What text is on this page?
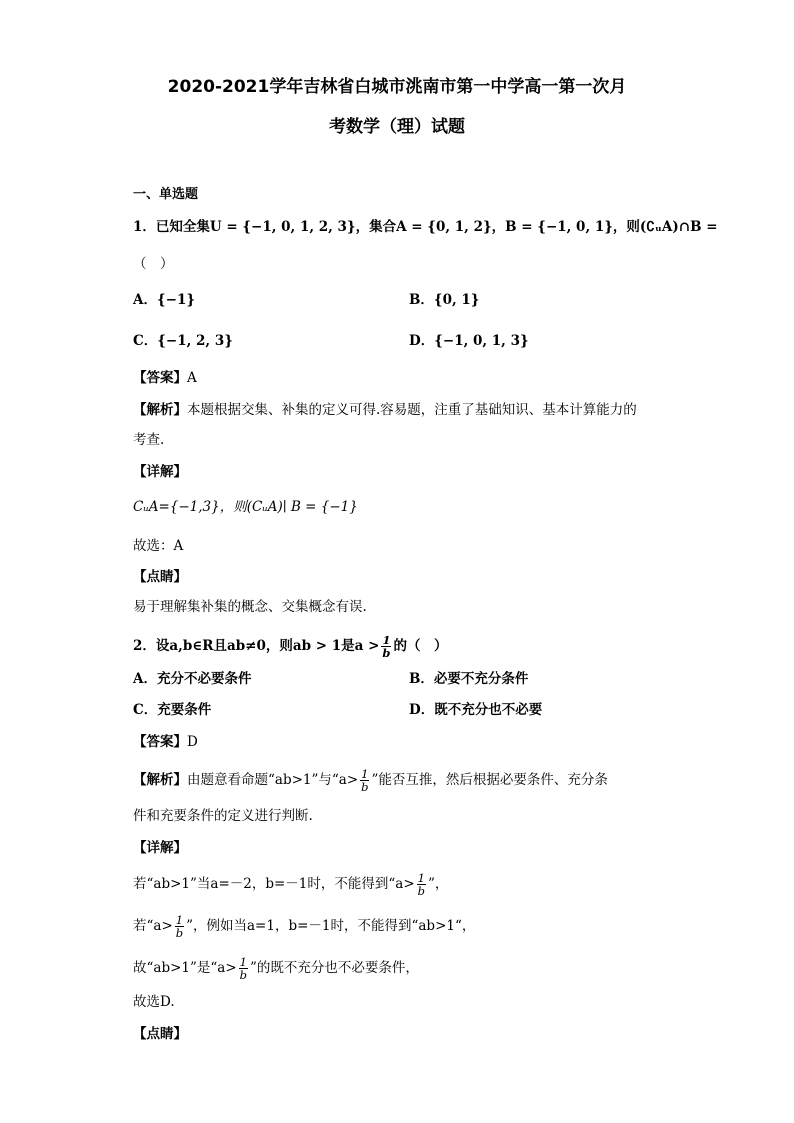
2020-2021学年吉林省白城市洮南市第一中学高一第一次月
考数学（理）试题
一、单选题
1．已知全集U = {−1, 0, 1, 2, 3}，集合A = {0, 1, 2}，B = {−1, 0, 1}，则(∁ᵤA)∩B =
（　）
A．{−1}	B．{0, 1}
C．{−1, 2, 3}	D．{−1, 0, 1, 3}
【答案】A
【解析】本题根据交集、补集的定义可得.容易题，注重了基础知识、基本计算能力的
考查.
【详解】
CᵤA={−1,3}，则(CᵤA)∣ B = {−1}
故选：A
【点睛】
易于理解集补集的概念、交集概念有误.
2．设a,b∈R且ab≠0，则ab > 1是$a > \frac{1}{b}$ 的（　）
A．充分不必要条件	B．必要不充分条件
C．充要条件	D．既不充分也不必要
【答案】D
【解析】由题意看命题“ab>1”与“$a> \frac{1}{b}$ ”能否互推，然后根据必要条件、充分条
件和充要条件的定义进行判断.
【详解】
若“ab>1”当a=－2，b=－1时，不能得到“$a> \frac{1}{b}$ ”，
若“$a> \frac{1}{b}$ ”，例如当a=1，b=－1时，不能得到“ab>1“，
故“ab>1”是“$a> \frac{1}{b}$ ”的既不充分也不必要条件，
故选D.
【点睛】
